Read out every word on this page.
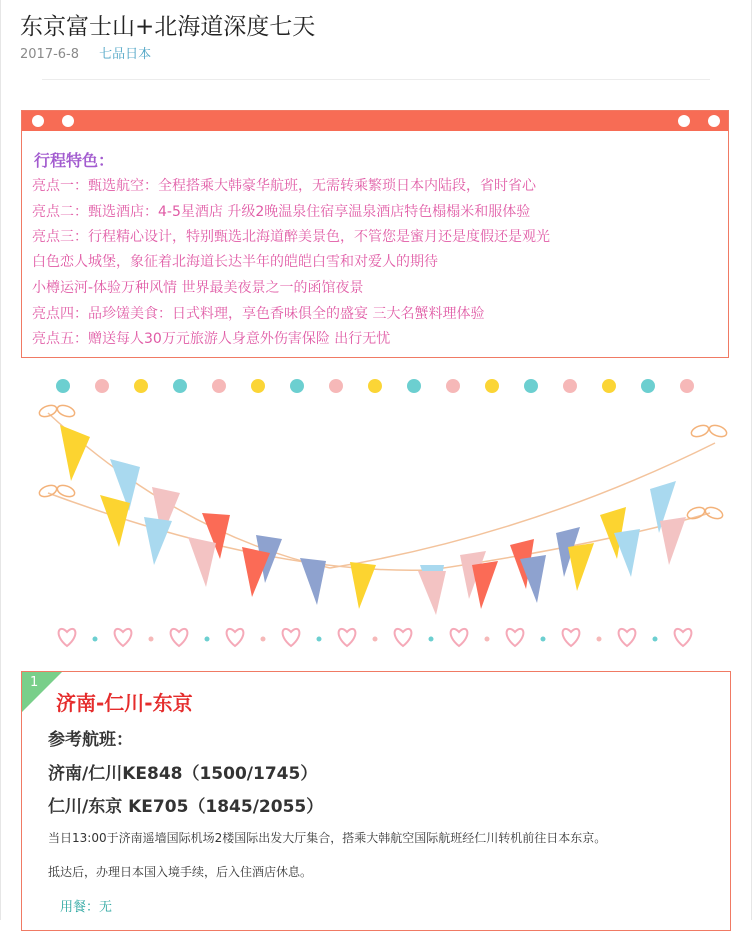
东京富士山+北海道深度七天
2017-6-8 七品日本
行程特色：
亮点一：甄选航空：全程搭乘大韩豪华航班，无需转乘繁琐日本内陆段，省时省心
亮点二：甄选酒店：4-5星酒店 升级2晚温泉住宿享温泉酒店特色榻榻米和服体验
亮点三：行程精心设计，特别甄选北海道醉美景色，不管您是蜜月还是度假还是观光
白色恋人城堡，象征着北海道长达半年的皑皑白雪和对爱人的期待
小樽运河-体验万种风情 世界最美夜景之一的函馆夜景
亮点四：品珍馐美食：日式料理，享色香味俱全的盛宴 三大名蟹料理体验
亮点五：赠送每人30万元旅游人身意外伤害保险 出行无忧
1
济南-仁川-东京
参考航班：
济南/仁川KE848（1500/1745）
仁川/东京 KE705（1845/2055）
当日13:00于济南遥墙国际机场2楼国际出发大厅集合，搭乘大韩航空国际航班经仁川转机前往日本东京。
抵达后，办理日本国入境手续，后入住酒店休息。
用餐：无
